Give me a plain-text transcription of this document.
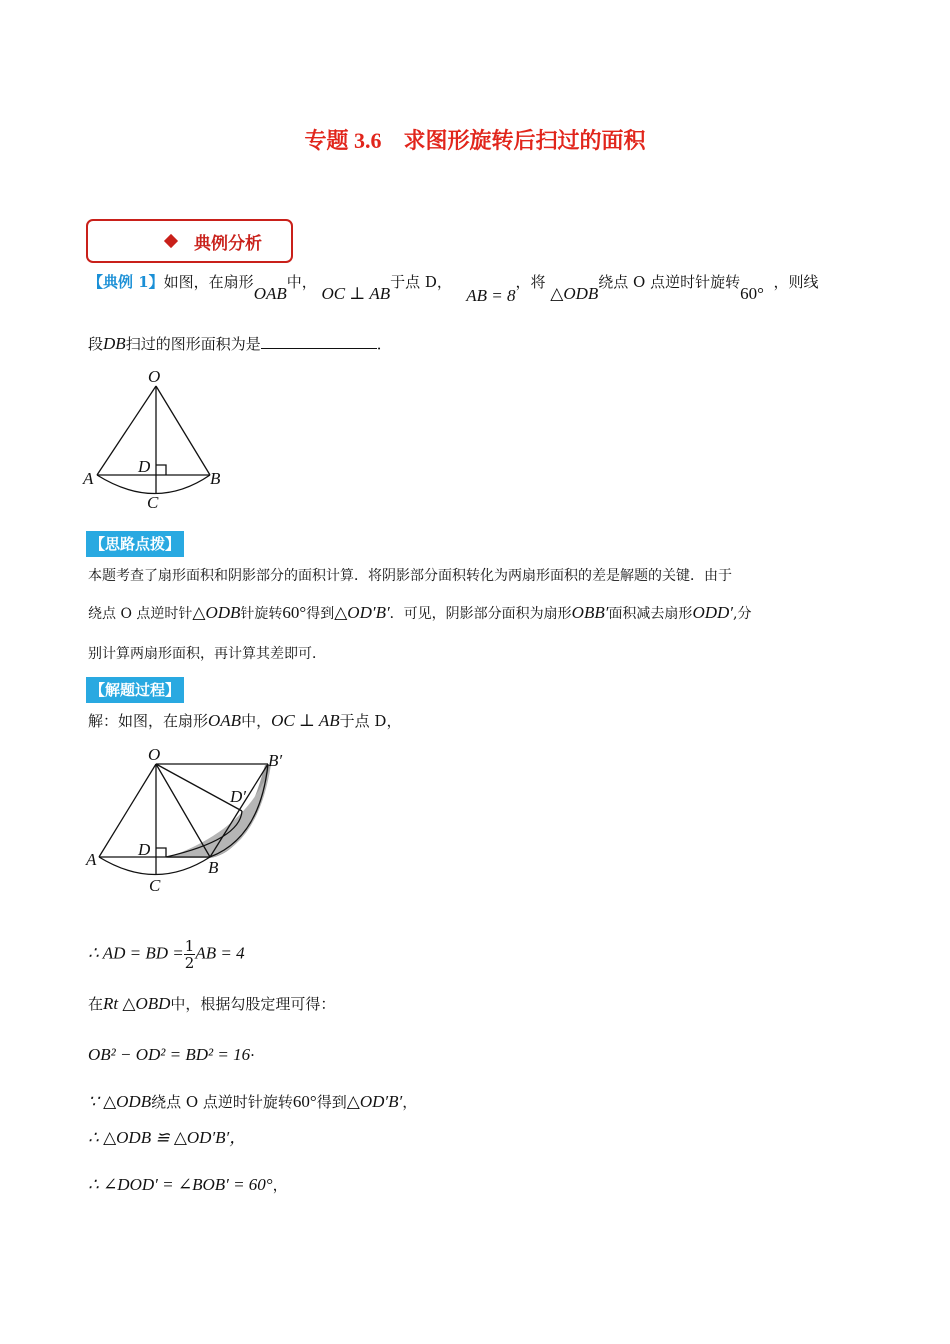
专题 3.6　求图形旋转后扫过的面积
典例分析
【典例 1】如图，在扇形OAB中， OC ⊥ AB于点 D，   AB = 8，将 △ODB绕点 O 点逆时针旋转60°  ，则线
段DB扫过的图形面积为是	．
O
A	B
C
D
【思路点拨】
本题考查了扇形面积和阴影部分的面积计算．将阴影部分面积转化为两扇形面积的差是解题的关键．由于
绕点 O 点逆时针△ODB针旋转60°得到△OD′B′．可见，阴影部分面积为扇形OBB′面积减去扇形ODD′,分
别计算两扇形面积，再计算其差即可．
【解题过程】
解：如图，在扇形OAB中，OC ⊥ AB于点 D，
O
A	B
C
D
B′
D′
∴ AD = BD = $\frac{1}{2}$ AB = 4
在Rt △OBD中，根据勾股定理可得：
OB² − OD² = BD² = 16·
∵ △ODB绕点 O 点逆时针旋转60°得到△OD′B′，
∴ △ODB ≌ △OD′B′，
∴ ∠DOD′ = ∠BOB′ = 60°，
